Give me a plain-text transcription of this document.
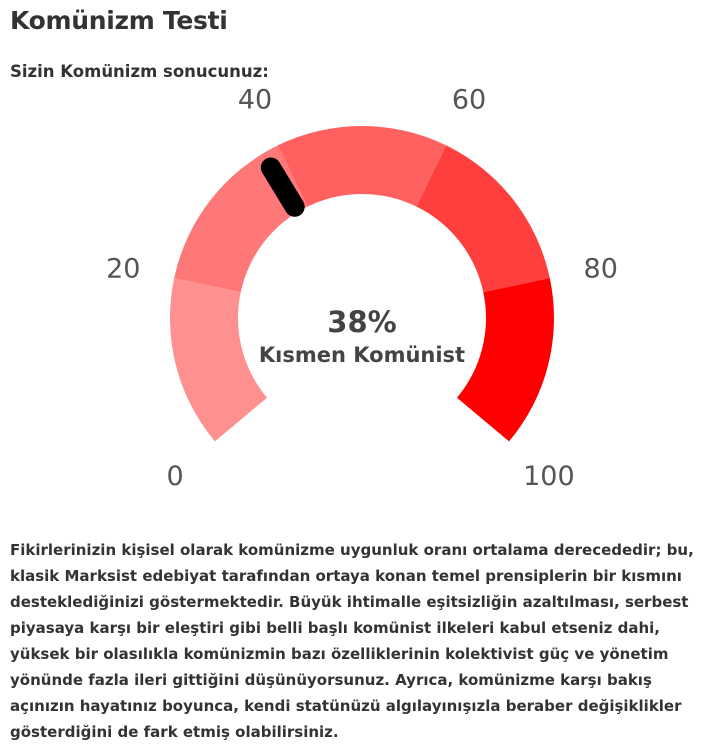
Komünizm Testi
Sizin Komünizm sonucunuz:
0
20
40	60
80
100
38%
Kısmen Komünist

Fikirlerinizin kişisel olarak komünizme uygunluk oranı ortalama derecededir; bu, klasik Marksist edebiyat tarafından ortaya konan temel prensiplerin bir kısmını desteklediğinizi göstermektedir. Büyük ihtimalle eşitsizliğin azaltılması, serbest piyasaya karşı bir eleştiri gibi belli başlı komünist ilkeleri kabul etseniz dahi, yüksek bir olasılıkla komünizmin bazı özelliklerinin kolektivist güç ve yönetim yönünde fazla ileri gittiğini düşünüyorsunuz. Ayrıca, komünizme karşı bakış açınızın hayatınız boyunca, kendi statünüzü algılayınışızla beraber değişiklikler gösterdiğini de fark etmiş olabilirsiniz.
